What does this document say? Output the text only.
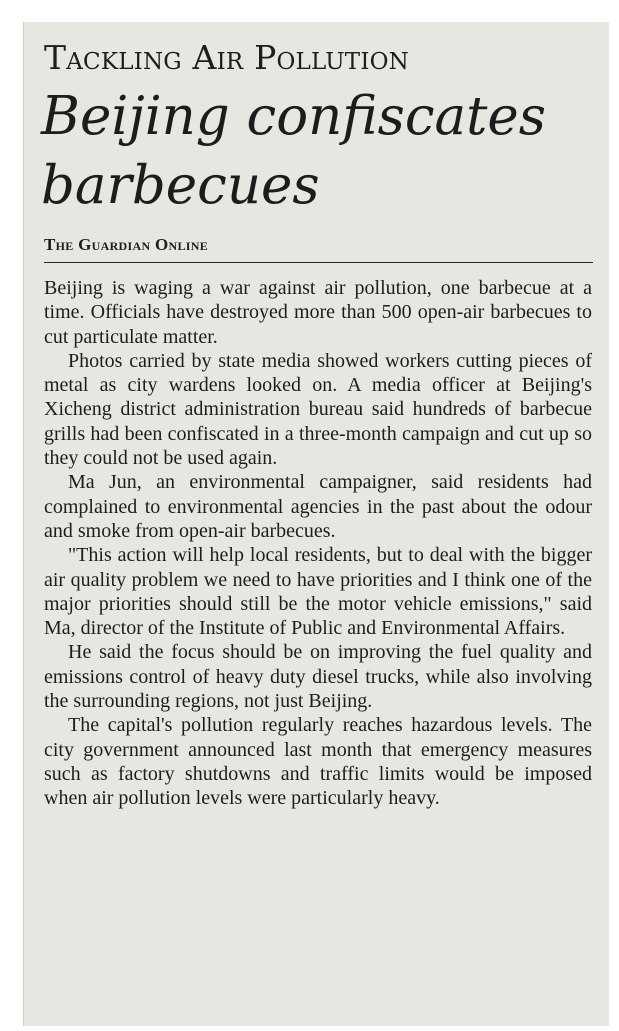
Tackling Air Pollution
Beijing confiscates barbecues
The Guardian Online

Beijing is waging a war against air pollution, one barbecue at a time. Officials have destroyed more than 500 open-air barbecues to cut particulate matter.

Photos carried by state media showed workers cutting pieces of metal as city wardens looked on. A media officer at Beijing's Xicheng district administration bureau said hundreds of barbecue grills had been confiscated in a three-month campaign and cut up so they could not be used again.

Ma Jun, an environmental campaigner, said residents had complained to environmental agencies in the past about the odour and smoke from open-air barbecues.

"This action will help local residents, but to deal with the bigger air quality problem we need to have priorities and I think one of the major priorities should still be the motor vehicle emissions," said Ma, director of the Institute of Public and Environmental Affairs.

He said the focus should be on improving the fuel quality and emissions control of heavy duty diesel trucks, while also involving the surrounding regions, not just Beijing.

The capital's pollution regularly reaches hazardous levels. The city government announced last month that emergency measures such as factory shutdowns and traffic limits would be imposed when air pollution levels were particularly heavy.
